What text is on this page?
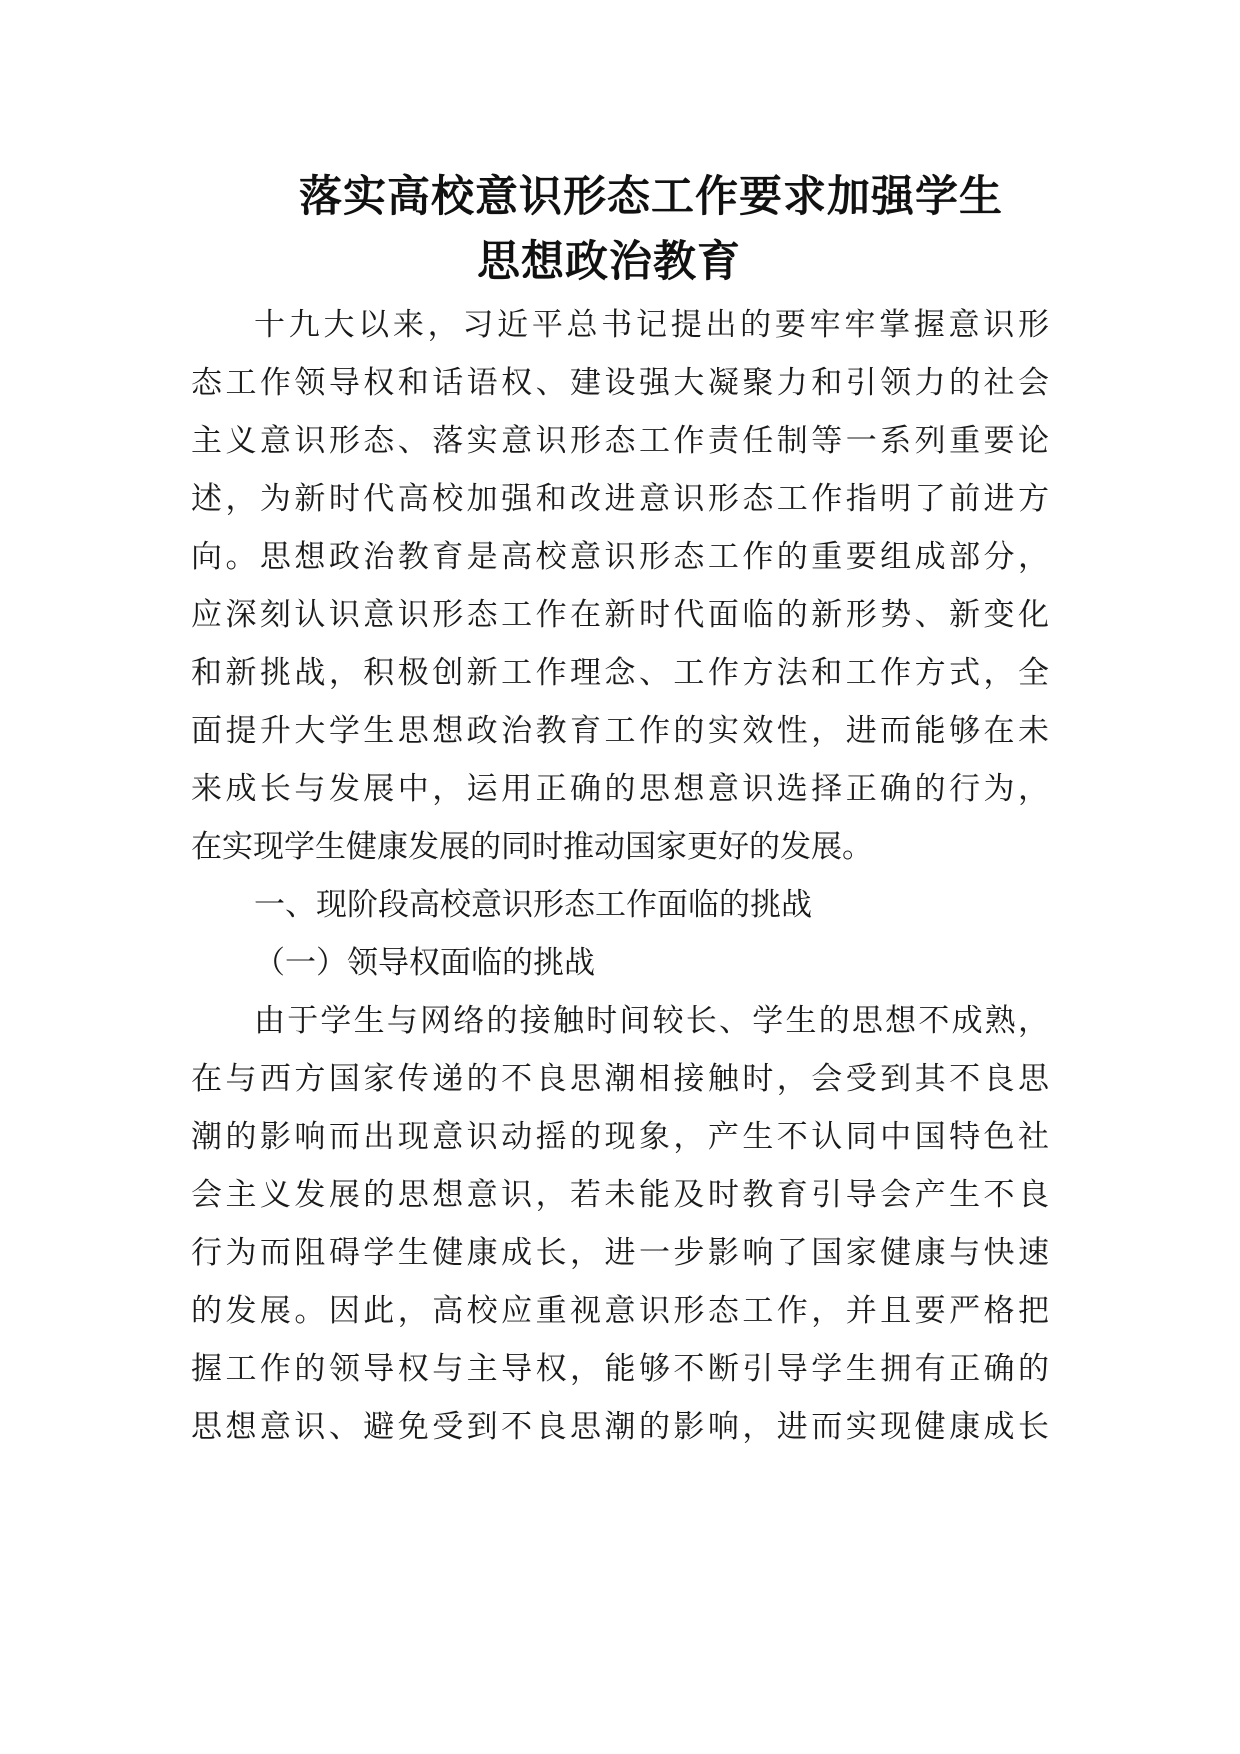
落实高校意识形态工作要求加强学生
思想政治教育
十九大以来，习近平总书记提出的要牢牢掌握意识形
态工作领导权和话语权、建设强大凝聚力和引领力的社会
主义意识形态、落实意识形态工作责任制等一系列重要论
述，为新时代高校加强和改进意识形态工作指明了前进方
向。思想政治教育是高校意识形态工作的重要组成部分，
应深刻认识意识形态工作在新时代面临的新形势、新变化
和新挑战，积极创新工作理念、工作方法和工作方式，全
面提升大学生思想政治教育工作的实效性，进而能够在未
来成长与发展中，运用正确的思想意识选择正确的行为，
在实现学生健康发展的同时推动国家更好的发展。
一、现阶段高校意识形态工作面临的挑战
（一）领导权面临的挑战
由于学生与网络的接触时间较长、学生的思想不成熟，
在与西方国家传递的不良思潮相接触时，会受到其不良思
潮的影响而出现意识动摇的现象，产生不认同中国特色社
会主义发展的思想意识，若未能及时教育引导会产生不良
行为而阻碍学生健康成长，进一步影响了国家健康与快速
的发展。因此，高校应重视意识形态工作，并且要严格把
握工作的领导权与主导权，能够不断引导学生拥有正确的
思想意识、避免受到不良思潮的影响，进而实现健康成长
